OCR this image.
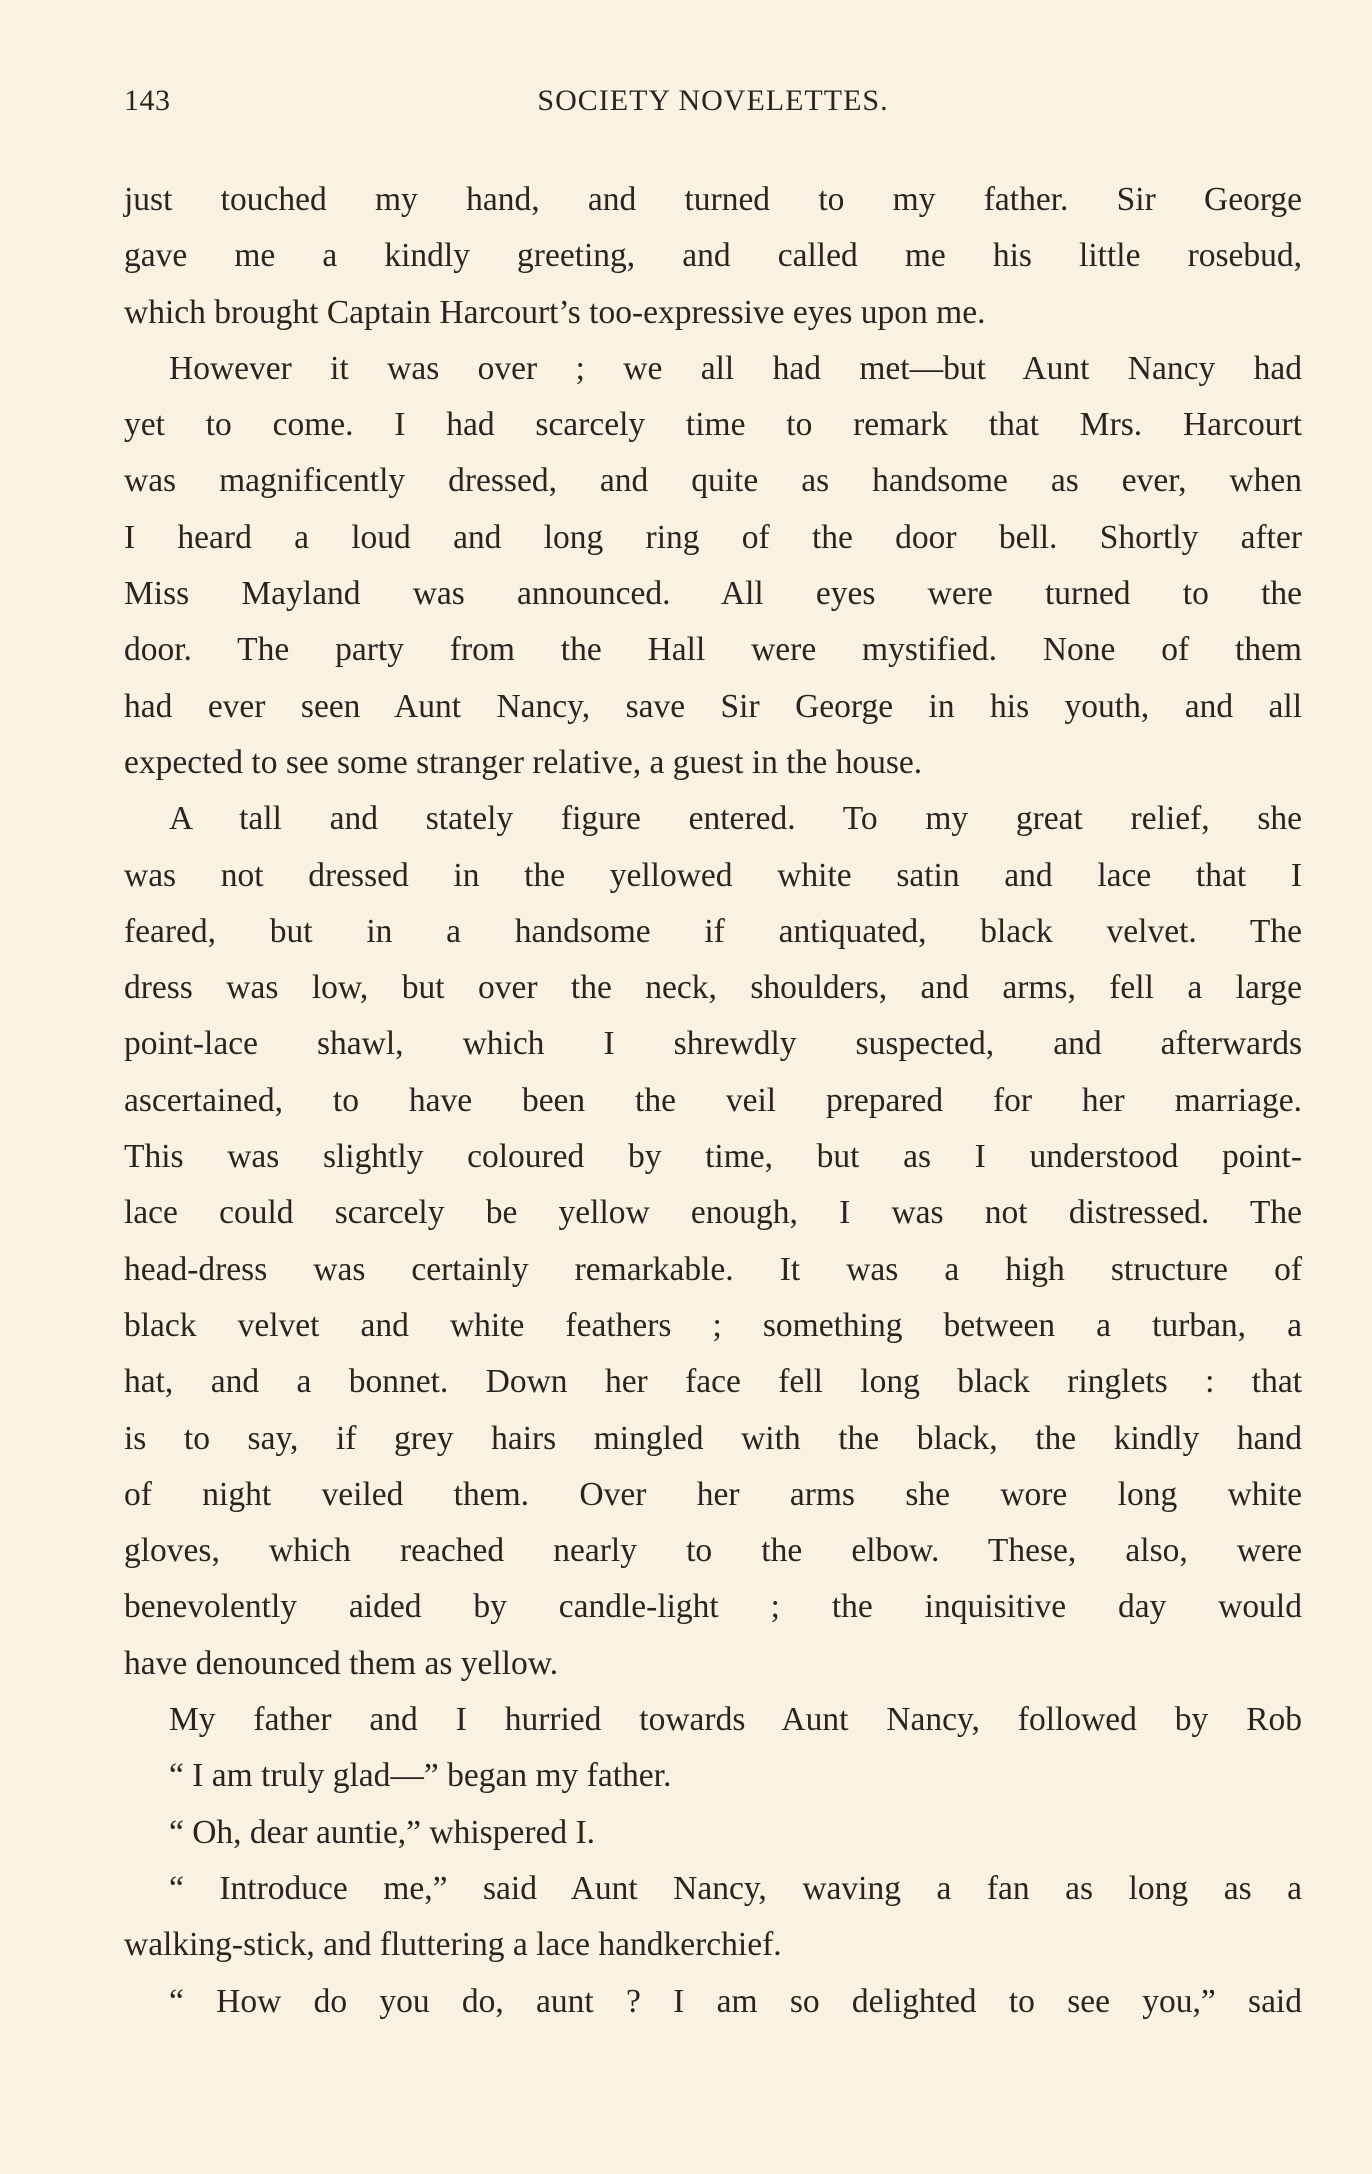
143	SOCIETY NOVELETTES.
just touched my hand, and turned to my father. Sir George
gave me a kindly greeting, and called me his little rosebud,
which brought Captain Harcourt’s too-expressive eyes upon me.
However it was over ; we all had met—but Aunt Nancy had
yet to come. I had scarcely time to remark that Mrs. Harcourt
was magnificently dressed, and quite as handsome as ever, when
I heard a loud and long ring of the door bell. Shortly after
Miss Mayland was announced. All eyes were turned to the
door. The party from the Hall were mystified. None of them
had ever seen Aunt Nancy, save Sir George in his youth, and all
expected to see some stranger relative, a guest in the house.
A tall and stately figure entered. To my great relief, she
was not dressed in the yellowed white satin and lace that I
feared, but in a handsome if antiquated, black velvet. The
dress was low, but over the neck, shoulders, and arms, fell a large
point-lace shawl, which I shrewdly suspected, and afterwards
ascertained, to have been the veil prepared for her marriage.
This was slightly coloured by time, but as I understood point-
lace could scarcely be yellow enough, I was not distressed. The
head-dress was certainly remarkable. It was a high structure of
black velvet and white feathers ; something between a turban, a
hat, and a bonnet. Down her face fell long black ringlets : that
is to say, if grey hairs mingled with the black, the kindly hand
of night veiled them. Over her arms she wore long white
gloves, which reached nearly to the elbow. These, also, were
benevolently aided by candle-light ; the inquisitive day would
have denounced them as yellow.
My father and I hurried towards Aunt Nancy, followed by Rob
“ I am truly glad—” began my father.
“ Oh, dear auntie,” whispered I.
“ Introduce me,” said Aunt Nancy, waving a fan as long as a
walking-stick, and fluttering a lace handkerchief.
“ How do you do, aunt ? I am so delighted to see you,” said
